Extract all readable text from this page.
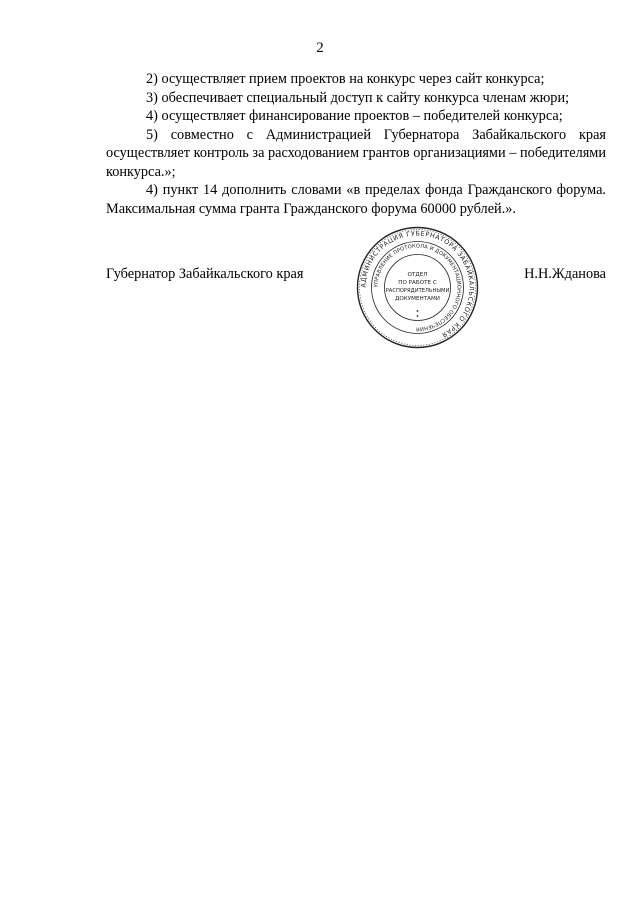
2

2) осуществляет прием проектов на конкурс через сайт конкурса;

3) обеспечивает специальный доступ к сайту конкурса членам жюри;

4) осуществляет финансирование проектов – победителей конкурса;

5) совместно с Администрацией Губернатора Забайкальского края осуществляет контроль за расходованием грантов организациями – победителями конкурса.»;

4) пункт 14 дополнить словами «в пределах фонда Гражданского форума. Максимальная сумма гранта Гражданского форума 60000 рублей.».

Губернатор Забайкальского края	Н.Н.Жданова
АДМИНИСТРАЦИЯ ГУБЕРНАТОРА ЗАБАЙКАЛЬСКОГО КРАЯ
УПРАВЛЕНИЕ ПРОТОКОЛА И ДОКУМЕНТАЦИОННОГО ОБЕСПЕЧЕНИЯ
ОТДЕЛ
ПО РАБОТЕ С
РАСПОРЯДИТЕЛЬНЫМИ
ДОКУМЕНТАМИ
